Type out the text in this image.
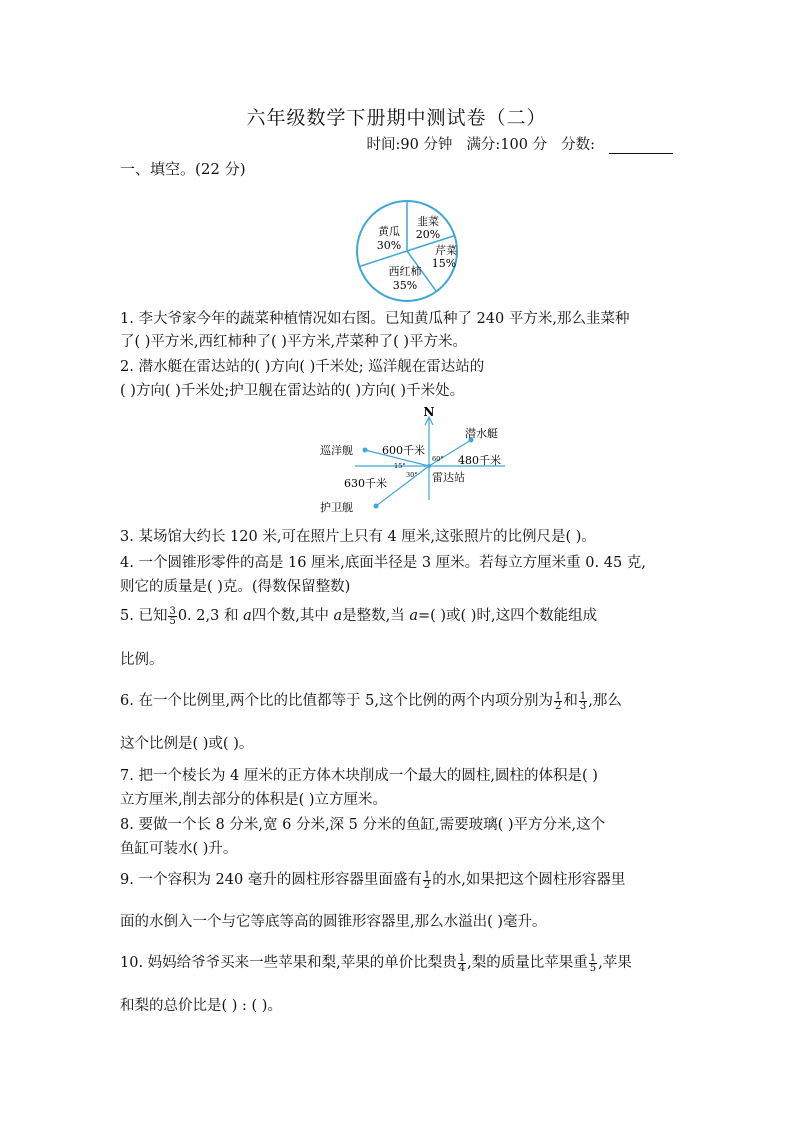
六年级数学下册期中测试卷（二）
时间:90 分钟 满分:100 分 分数:
一、填空。(22 分)
韭菜
20%
芹菜
15%
西红柿
35%
黄瓜
30%
1. 李大爷家今年的蔬菜种植情况如右图。已知黄瓜种了 240 平方米,那么韭菜种
了( )平方米,西红柿种了( )平方米,芹菜种了( )平方米。
2. 潜水艇在雷达站的( )方向( )千米处; 巡洋舰在雷达站的
( )方向( )千米处;护卫舰在雷达站的( )方向( )千米处。
N
潜水艇
巡洋舰
护卫舰
雷达站
600千米
480千米
630千米
60°
15°
30°
3. 某场馆大约长 120 米,可在照片上只有 4 厘米,这张照片的比例尺是( )。
4. 一个圆锥形零件的高是 16 厘米,底面半径是 3 厘米。若每立方厘米重 0. 45 克,
则它的质量是( )克。(得数保留整数)
5. 已知 $\frac{3}{5} 0$. 2,3 和 a四个数,其中 a是整数,当 a=( )或( )时,这四个数能组成
比例。
6. 在一个比例里,两个比的比值都等于 5,这个比例的两个内项分别为 $\frac{1}{2}$ 和 $\frac{1}{3}$ ,那么
这个比例是( )或( )。
7. 把一个棱长为 4 厘米的正方体木块削成一个最大的圆柱,圆柱的体积是( )
立方厘米,削去部分的体积是( )立方厘米。
8. 要做一个长 8 分米,宽 6 分米,深 5 分米的鱼缸,需要玻璃( )平方分米,这个
鱼缸可装水( )升。
9. 一个容积为 240 毫升的圆柱形容器里面盛有 $\frac{1}{2}$ 的水,如果把这个圆柱形容器里
面的水倒入一个与它等底等高的圆锥形容器里,那么水溢出( )毫升。
10. 妈妈给爷爷买来一些苹果和梨,苹果的单价比梨贵 $\frac{1}{4}$ ,梨的质量比苹果重 $\frac{1}{5}$ ,苹果
和梨的总价比是( ) : ( )。
